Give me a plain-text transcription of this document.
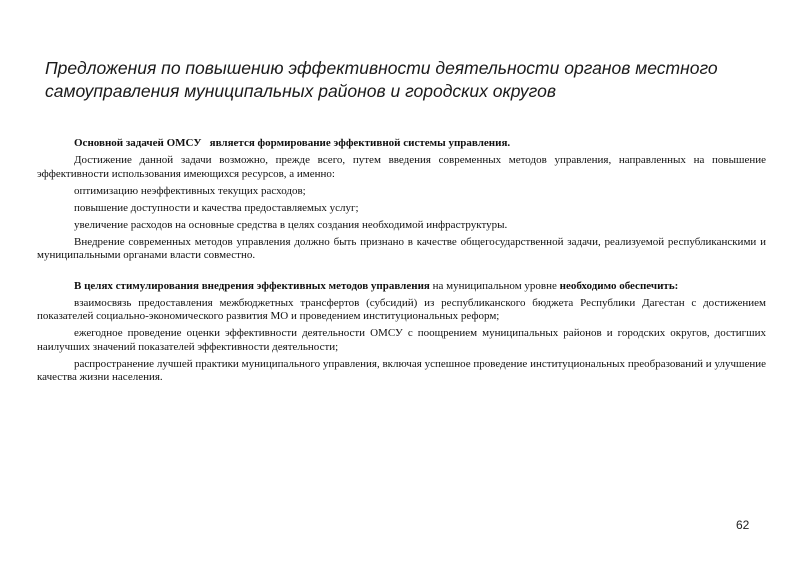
Предложения по повышению эффективности деятельности органов местного самоуправления муниципальных районов и городских округов

Основной задачей ОМСУ является формирование эффективной системы управления.

Достижение данной задачи возможно, прежде всего, путем введения современных методов управления, направленных на повышение эффективности использования имеющихся ресурсов, а именно:

оптимизацию неэффективных текущих расходов;

повышение доступности и качества предоставляемых услуг;

увеличение расходов на основные средства в целях создания необходимой инфраструктуры.

Внедрение современных методов управления должно быть признано в качестве общегосударственной задачи, реализуемой республиканскими и муниципальными органами власти совместно.

В целях стимулирования внедрения эффективных методов управления на муниципальном уровне необходимо обеспечить:

взаимосвязь предоставления межбюджетных трансфертов (субсидий) из республиканского бюджета Республики Дагестан с достижением показателей социально-экономического развития МО и проведением институциональных реформ;

ежегодное проведение оценки эффективности деятельности ОМСУ с поощрением муниципальных районов и городских округов, достигших наилучших значений показателей эффективности деятельности;

распространение лучшей практики муниципального управления, включая успешное проведение институциональных преобразований и улучшение качества жизни населения.

62
